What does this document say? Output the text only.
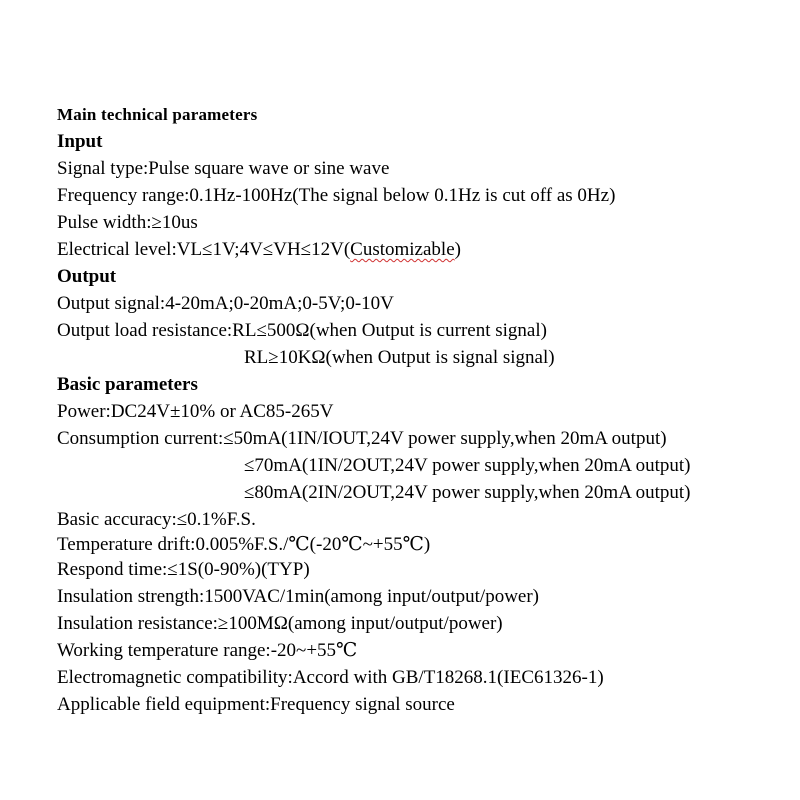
Main technical parameters
Input
Signal type:Pulse square wave or sine wave
Frequency range:0.1Hz-100Hz(The signal below 0.1Hz is cut off as 0Hz)
Pulse width:≥10us
Electrical level:VL≤1V;4V≤VH≤12V(Customizable)
Output
Output signal:4-20mA;0-20mA;0-5V;0-10V
Output load resistance:RL≤500Ω(when Output is current signal)
RL≥10KΩ(when Output is signal signal)
Basic parameters
Power:DC24V±10% or AC85-265V
Consumption current:≤50mA(1IN/IOUT,24V power supply,when 20mA output)
≤70mA(1IN/2OUT,24V power supply,when 20mA output)
≤80mA(2IN/2OUT,24V power supply,when 20mA output)
Basic accuracy:≤0.1%F.S.
Temperature drift:0.005%F.S./℃(-20℃~+55℃)
Respond time:≤1S(0-90%)(TYP)
Insulation strength:1500VAC/1min(among input/output/power)
Insulation resistance:≥100MΩ(among input/output/power)
Working temperature range:-20~+55℃
Electromagnetic compatibility:Accord with GB/T18268.1(IEC61326-1)
Applicable field equipment:Frequency signal source
